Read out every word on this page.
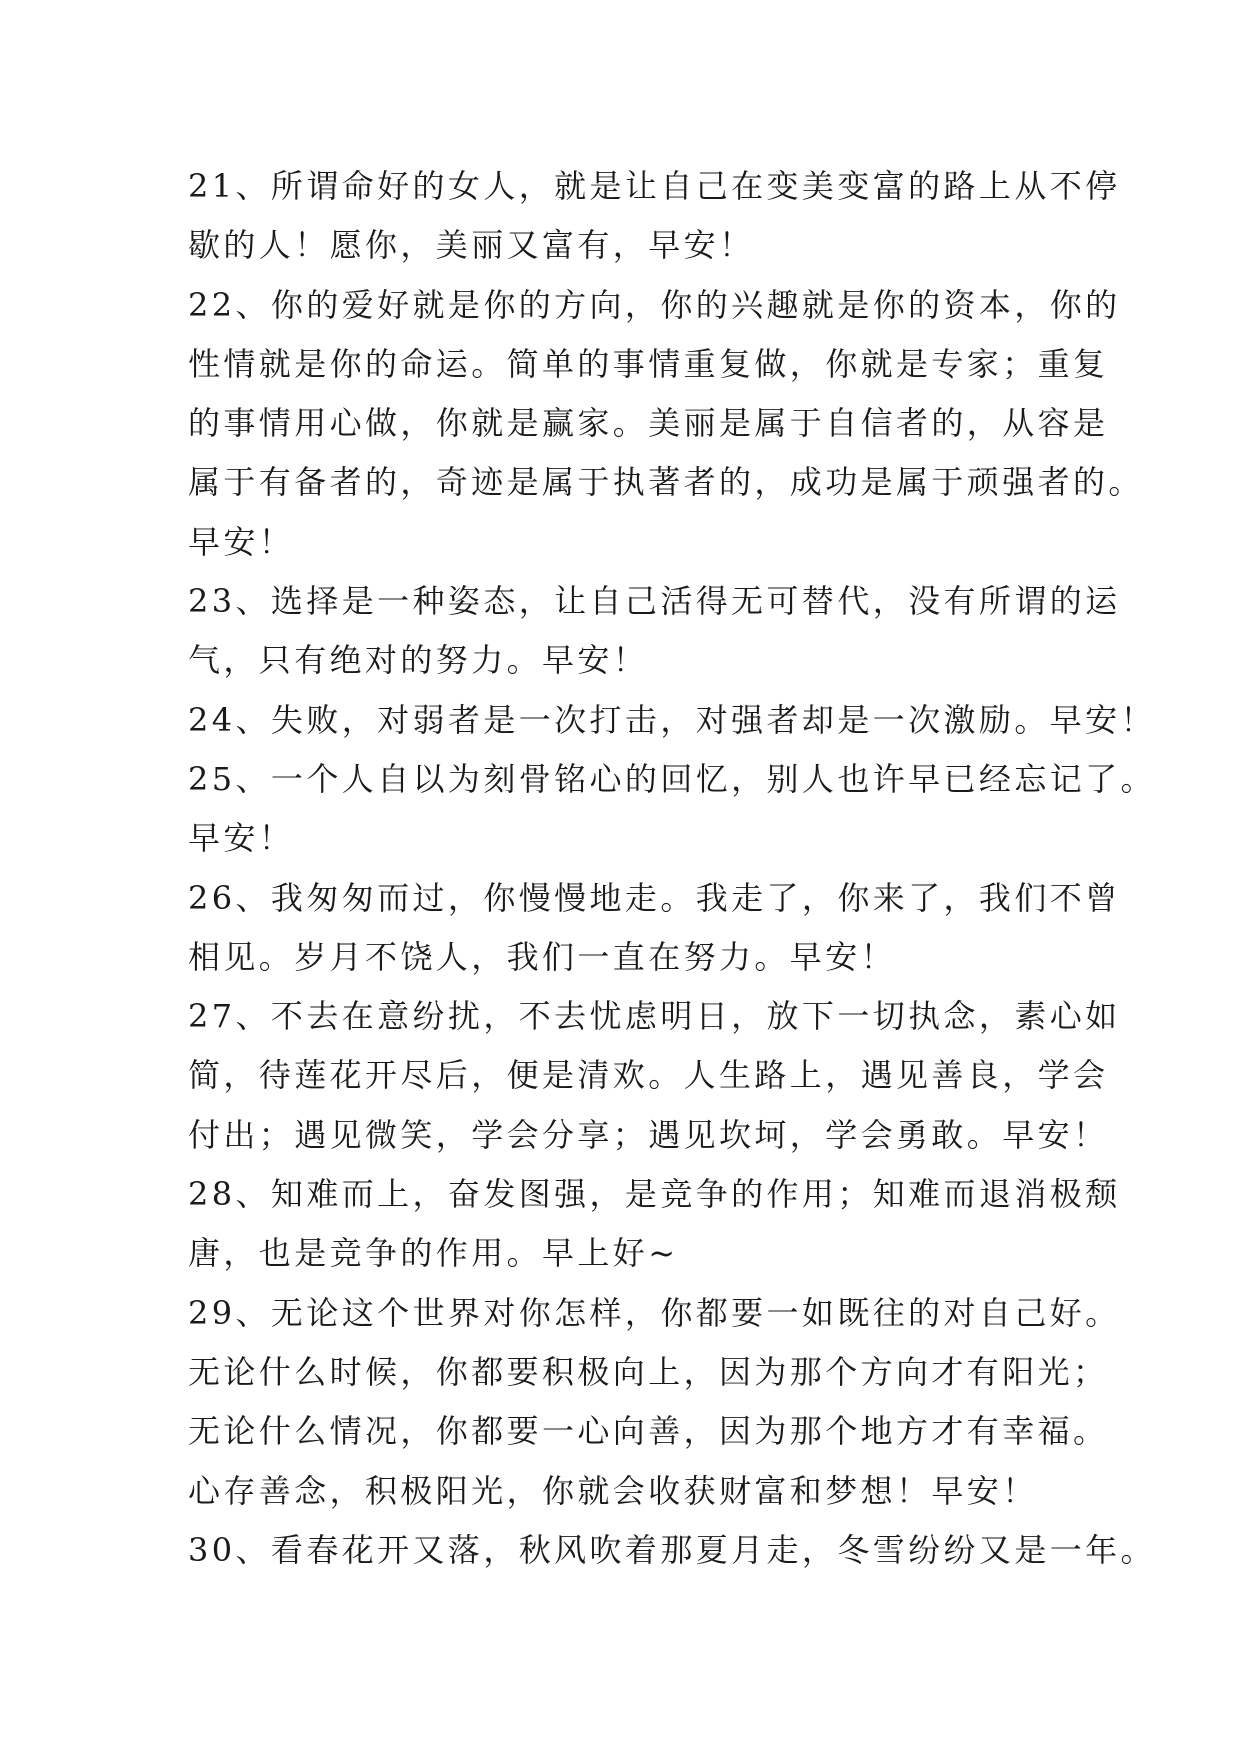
21、所谓命好的女人，就是让自己在变美变富的路上从不停
歇的人！愿你，美丽又富有，早安！
22、你的爱好就是你的方向，你的兴趣就是你的资本，你的
性情就是你的命运。简单的事情重复做，你就是专家；重复
的事情用心做，你就是赢家。美丽是属于自信者的，从容是
属于有备者的，奇迹是属于执著者的，成功是属于顽强者的。
早安！
23、选择是一种姿态，让自己活得无可替代，没有所谓的运
气，只有绝对的努力。早安！
24、失败，对弱者是一次打击，对强者却是一次激励。早安！
25、一个人自以为刻骨铭心的回忆，别人也许早已经忘记了。
早安！
26、我匆匆而过，你慢慢地走。我走了，你来了，我们不曾
相见。岁月不饶人，我们一直在努力。早安！
27、不去在意纷扰，不去忧虑明日，放下一切执念，素心如
简，待莲花开尽后，便是清欢。人生路上，遇见善良，学会
付出；遇见微笑，学会分享；遇见坎坷，学会勇敢。早安！
28、知难而上，奋发图强，是竞争的作用；知难而退消极颓
唐，也是竞争的作用。早上好~
29、无论这个世界对你怎样，你都要一如既往的对自己好。
无论什么时候，你都要积极向上，因为那个方向才有阳光；
无论什么情况，你都要一心向善，因为那个地方才有幸福。
心存善念，积极阳光，你就会收获财富和梦想！早安！
30、看春花开又落，秋风吹着那夏月走，冬雪纷纷又是一年。
